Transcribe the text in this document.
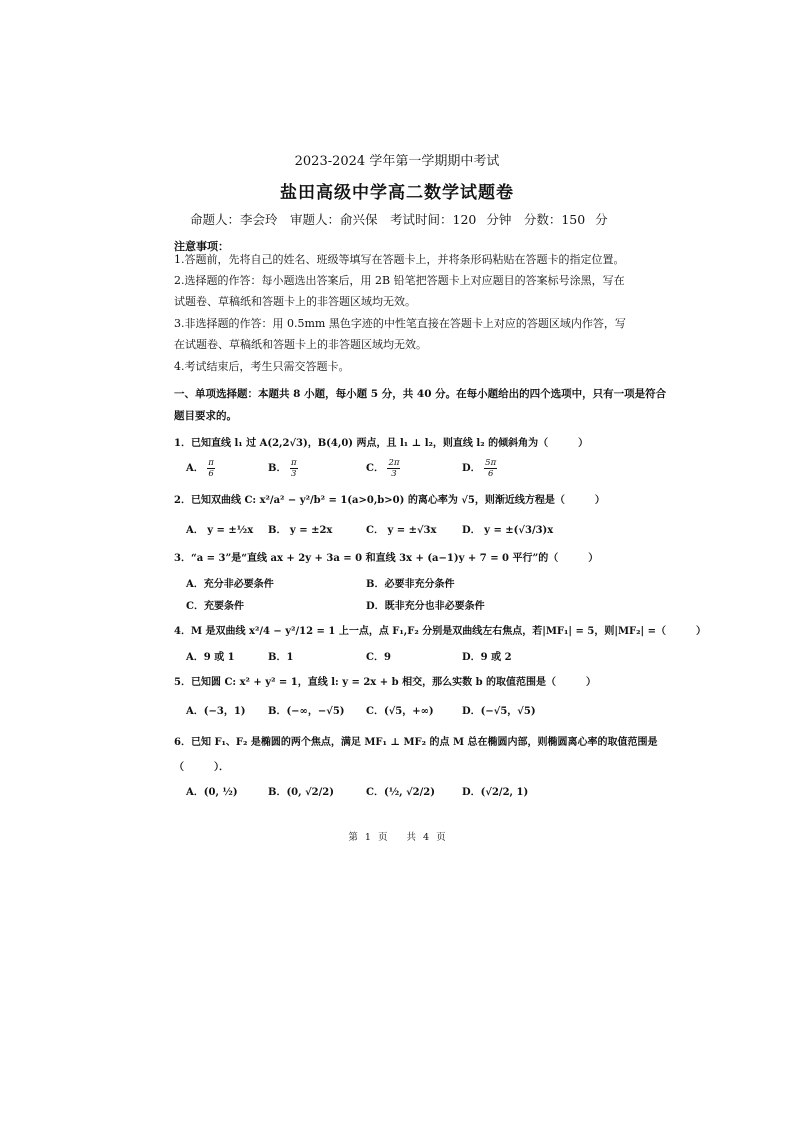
2023-2024 学年第一学期期中考试
盐田高级中学高二数学试题卷
命题人：李会玲　审题人：俞兴保　考试时间：120 分钟　分数：150 分
注意事项：
1.答题前，先将自己的姓名、班级等填写在答题卡上，并将条形码粘贴在答题卡的指定位置。
2.选择题的作答：每小题选出答案后，用 2B 铅笔把答题卡上对应题目的答案标号涂黑，写在
试题卷、草稿纸和答题卡上的非答题区域均无效。
3.非选择题的作答：用 0.5mm 黑色字迹的中性笔直接在答题卡上对应的答题区域内作答，写
在试题卷、草稿纸和答题卡上的非答题区域均无效。
4.考试结束后，考生只需交答题卡。
一、单项选择题：本题共 8 小题，每小题 5 分，共 40 分。在每小题给出的四个选项中，只有一项是符合
题目要求的。
1．已知直线 l₁ 过 A(2,2√3)，B(4,0) 两点，且 l₁ ⊥ l₂，则直线 l₂ 的倾斜角为（　　　）
A． $\frac{\pi}{6}$	B． $\frac{\pi}{3}$	C． $\frac{2\pi}{3}$	D． $\frac{5\pi}{6}$
2．已知双曲线 C: x²/a² − y²/b² = 1(a>0,b>0) 的离心率为 √5，则渐近线方程是（　　　）
A． y = ±½x B． y = ±2x	C． y = ±√3x	D． y = ±(√3/3)x
3．“a = 3”是“直线 ax + 2y + 3a = 0 和直线 3x + (a−1)y + 7 = 0 平行”的（　　　）
A．充分非必要条件	B．必要非充分条件
C．充要条件	D．既非充分也非必要条件
4．M 是双曲线 x²/4 − y²/12 = 1 上一点，点 F₁,F₂ 分别是双曲线左右焦点，若|MF₁| = 5，则|MF₂| =（　　　）
A．9 或 1	B．1	C．9	D．9 或 2
5．已知圆 C: x² + y² = 1，直线 l: y = 2x + b 相交，那么实数 b 的取值范围是（　　　）
A．(−3，1) B．(−∞，−√5) C．(√5，+∞)	D．(−√5，√5)
6．已知 F₁、F₂ 是椭圆的两个焦点，满足 MF₁ ⊥ MF₂ 的点 M 总在椭圆内部，则椭圆离心率的取值范围是
（　　　）．
A．(0, ½)	B．(0, √2/2)	C．(½, √2/2)	D．(√2/2, 1)
第 1 页　　共 4 页
